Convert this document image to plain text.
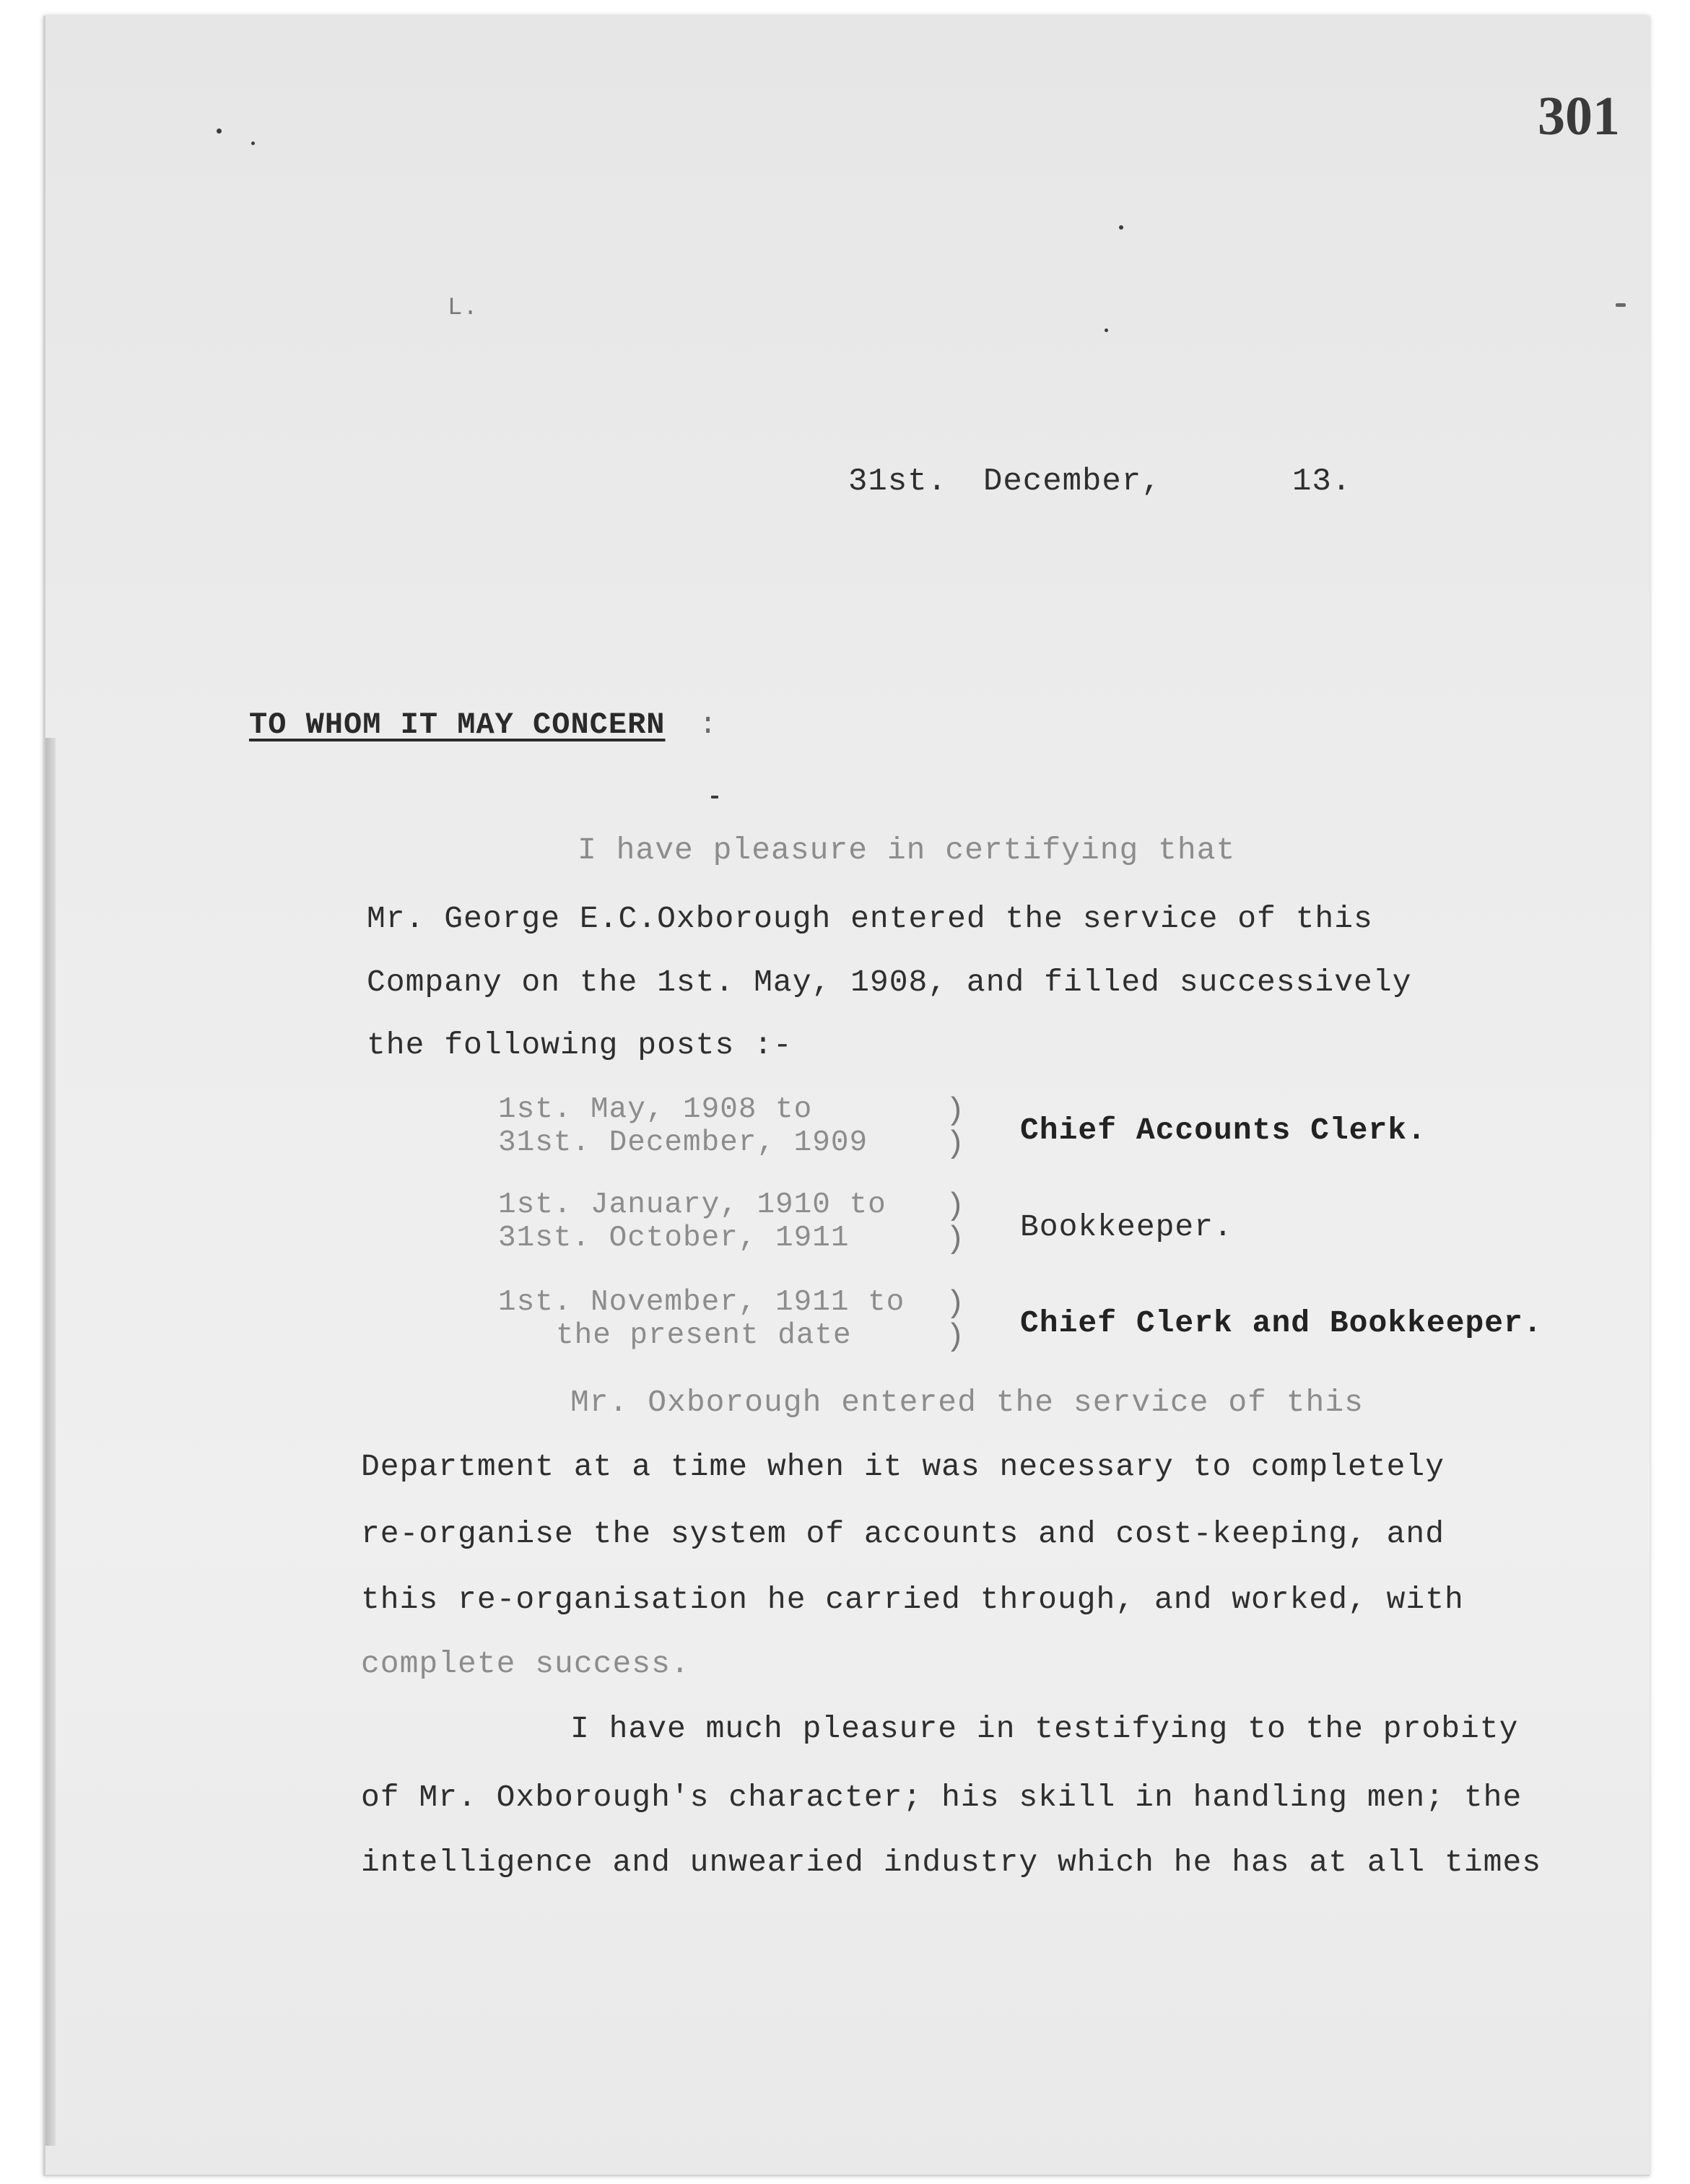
301
L.
31st. December,	13.
TO WHOM IT MAY CONCERN :
I have pleasure in certifying that
Mr. George E.C.Oxborough entered the service of this
Company on the 1st. May, 1908, and filled successively
the following posts :-
1st. May, 1908 to
31st. December, 1909
)
) Chief Accounts Clerk.
1st. January, 1910 to
31st. October, 1911
)
) Bookkeeper.
1st. November, 1911 to
the present date
)
) Chief Clerk and Bookkeeper.
Mr. Oxborough entered the service of this
Department at a time when it was necessary to completely
re-organise the system of accounts and cost-keeping, and
this re-organisation he carried through, and worked, with
complete success.
I have much pleasure in testifying to the probity
of Mr. Oxborough's character; his skill in handling men; the
intelligence and unwearied industry which he has at all times
